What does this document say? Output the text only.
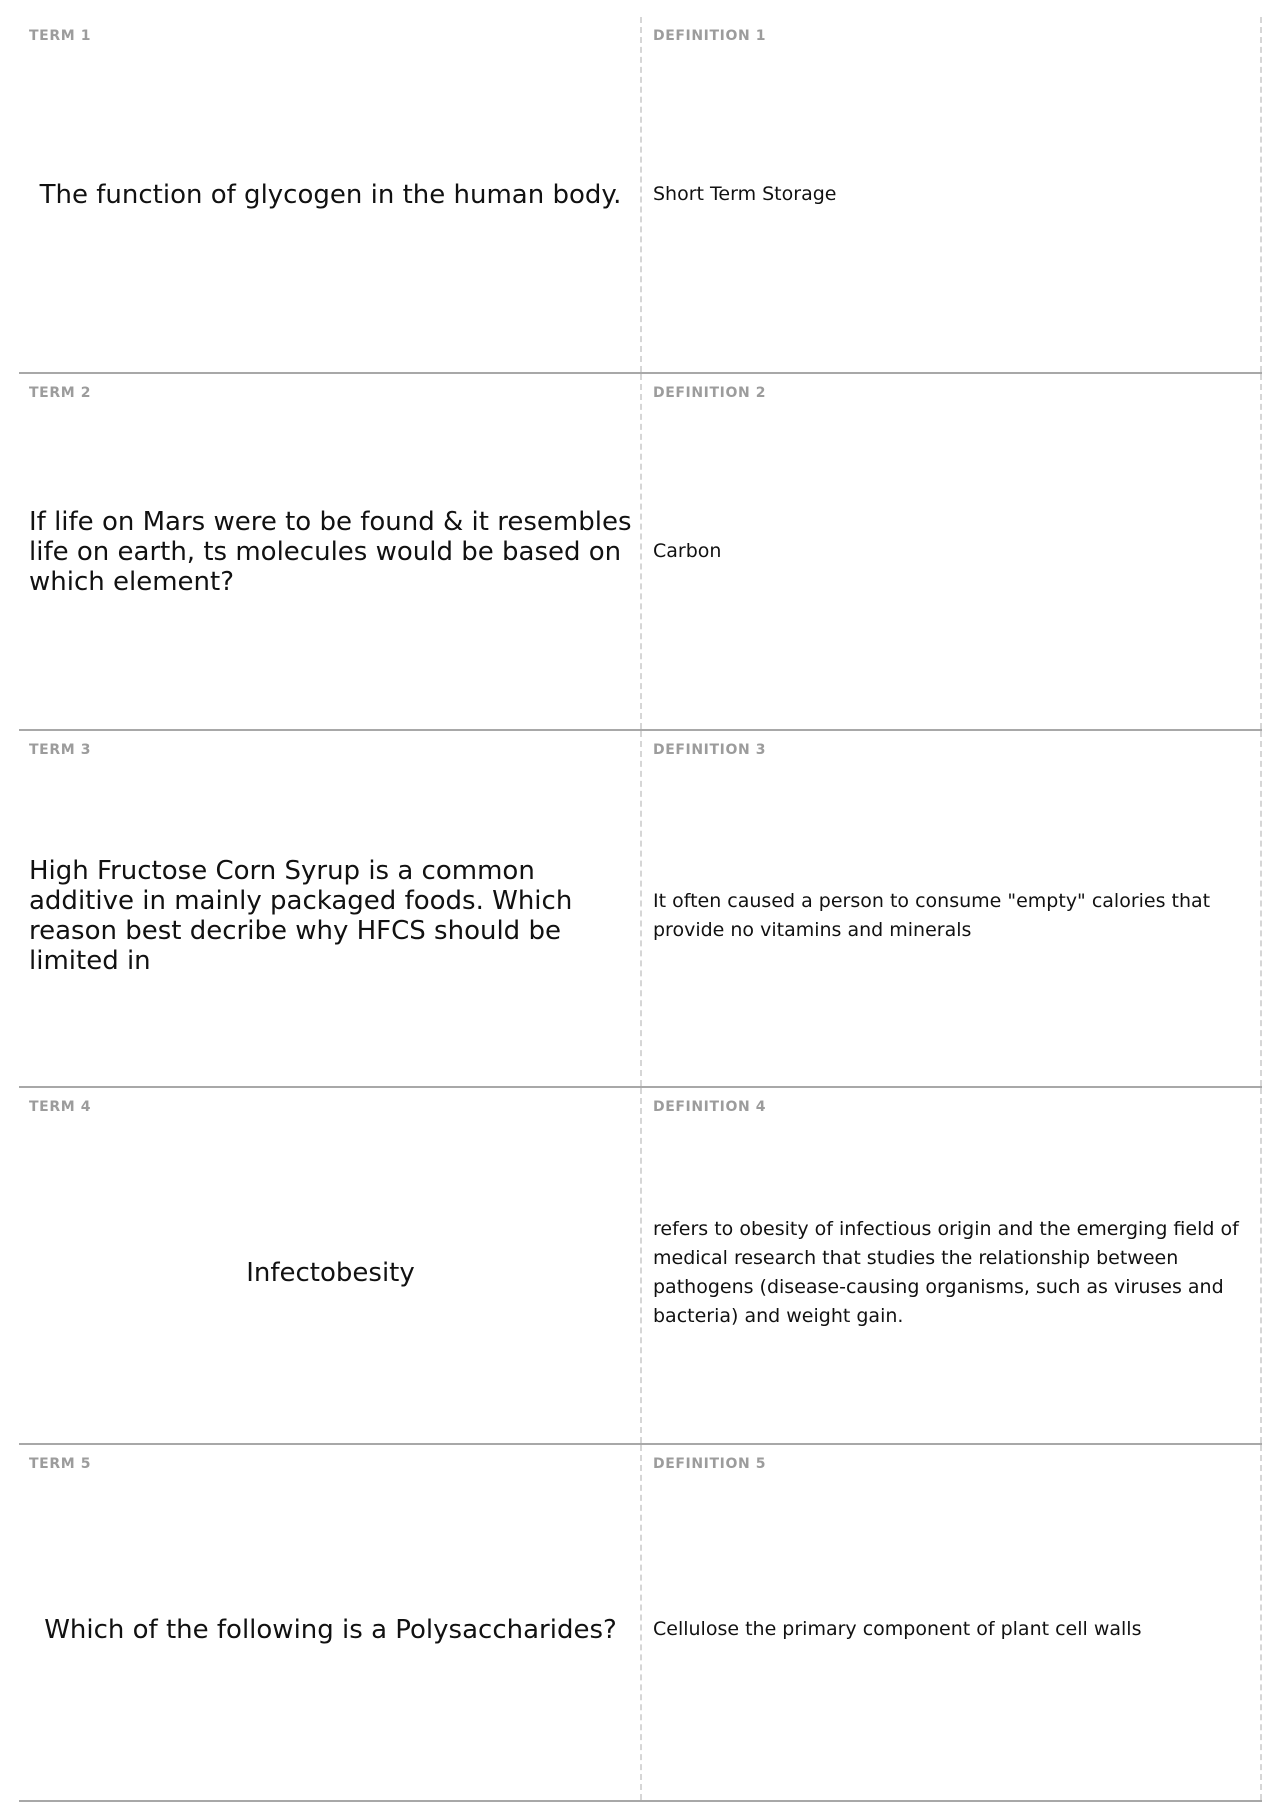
TERM 1
The function of glycogen in the human body.
DEFINITION 1
Short Term Storage
TERM 2
If life on Mars were to be found & it resembles life on earth, ts molecules would be based on which element?
DEFINITION 2
Carbon
TERM 3
High Fructose Corn Syrup is a common additive in mainly packaged foods. Which reason best decribe why HFCS should be limited in
DEFINITION 3
It often caused a person to consume "empty" calories that provide no vitamins and minerals
TERM 4
Infectobesity
DEFINITION 4
refers to obesity of infectious origin and the emerging field of medical research that studies the relationship between pathogens (disease-causing organisms, such as viruses and bacteria) and weight gain.
TERM 5
Which of the following is a Polysaccharides?
DEFINITION 5
Cellulose the primary component of plant cell walls
